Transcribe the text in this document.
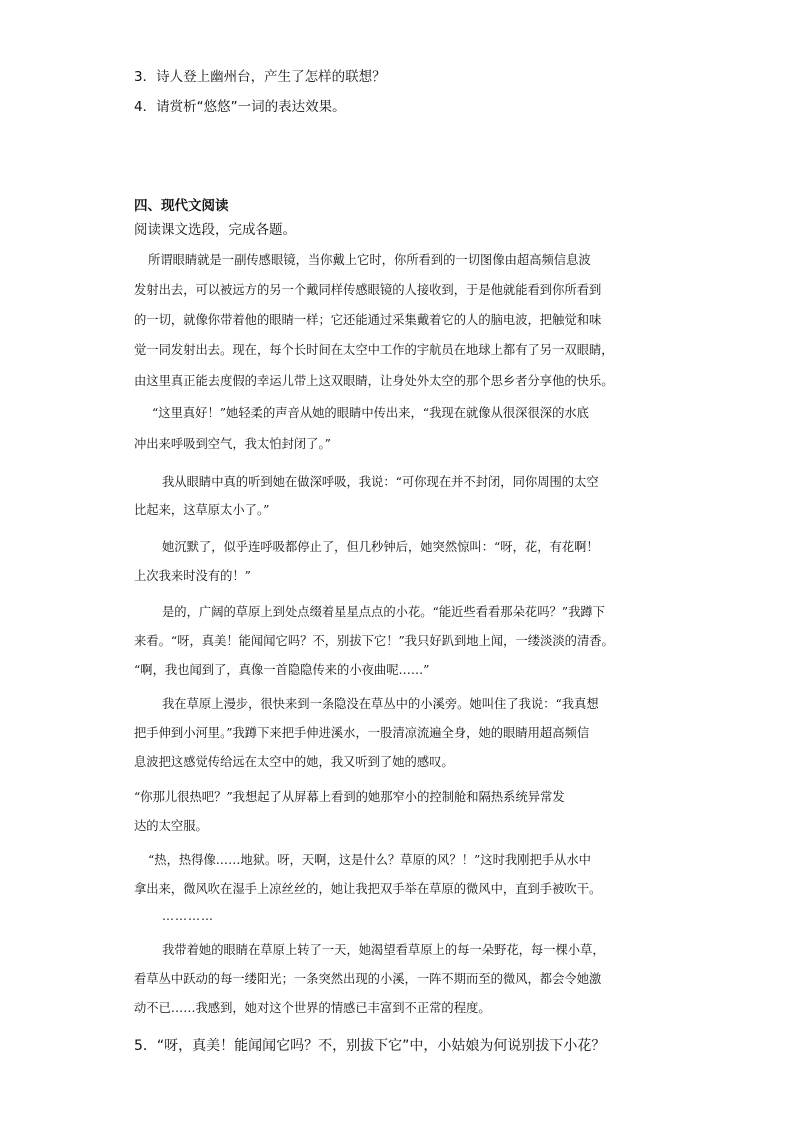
3．诗人登上幽州台，产生了怎样的联想？
4．请赏析“悠悠”一词的表达效果。
四、现代文阅读
阅读课文选段，完成各题。
所谓眼睛就是一副传感眼镜，当你戴上它时，你所看到的一切图像由超高频信息波
发射出去，可以被远方的另一个戴同样传感眼镜的人接收到，于是他就能看到你所看到
的一切，就像你带着他的眼睛一样；它还能通过采集戴着它的人的脑电波，把触觉和味
觉一同发射出去。现在，每个长时间在太空中工作的宇航员在地球上都有了另一双眼睛，
由这里真正能去度假的幸运儿带上这双眼睛，让身处外太空的那个思乡者分享他的快乐。
“这里真好！”她轻柔的声音从她的眼睛中传出来，“我现在就像从很深很深的水底
冲出来呼吸到空气，我太怕封闭了。”
我从眼睛中真的听到她在做深呼吸，我说：“可你现在并不封闭，同你周围的太空
比起来，这草原太小了。”
她沉默了，似乎连呼吸都停止了，但几秒钟后，她突然惊叫：“呀，花，有花啊！
上次我来时没有的！”
是的，广阔的草原上到处点缀着星星点点的小花。“能近些看看那朵花吗？”我蹲下
来看。“呀，真美！能闻闻它吗？不，别拔下它！”我只好趴到地上闻，一缕淡淡的清香。
“啊，我也闻到了，真像一首隐隐传来的小夜曲呢……”
我在草原上漫步，很快来到一条隐没在草丛中的小溪旁。她叫住了我说：“我真想
把手伸到小河里。”我蹲下来把手伸进溪水，一股清凉流遍全身，她的眼睛用超高频信
息波把这感觉传给远在太空中的她，我又听到了她的感叹。
“你那儿很热吧？”我想起了从屏幕上看到的她那窄小的控制舱和隔热系统异常发
达的太空服。
“热，热得像……地狱。呀，天啊，这是什么？草原的风？！”这时我刚把手从水中
拿出来，微风吹在湿手上凉丝丝的，她让我把双手举在草原的微风中，直到手被吹干。
…………
我带着她的眼睛在草原上转了一天，她渴望看草原上的每一朵野花，每一棵小草，
看草丛中跃动的每一缕阳光；一条突然出现的小溪，一阵不期而至的微风，都会令她激
动不已……我感到，她对这个世界的情感已丰富到不正常的程度。
5．“呀，真美！能闻闻它吗？不，别拔下它”中，小姑娘为何说别拔下小花？
